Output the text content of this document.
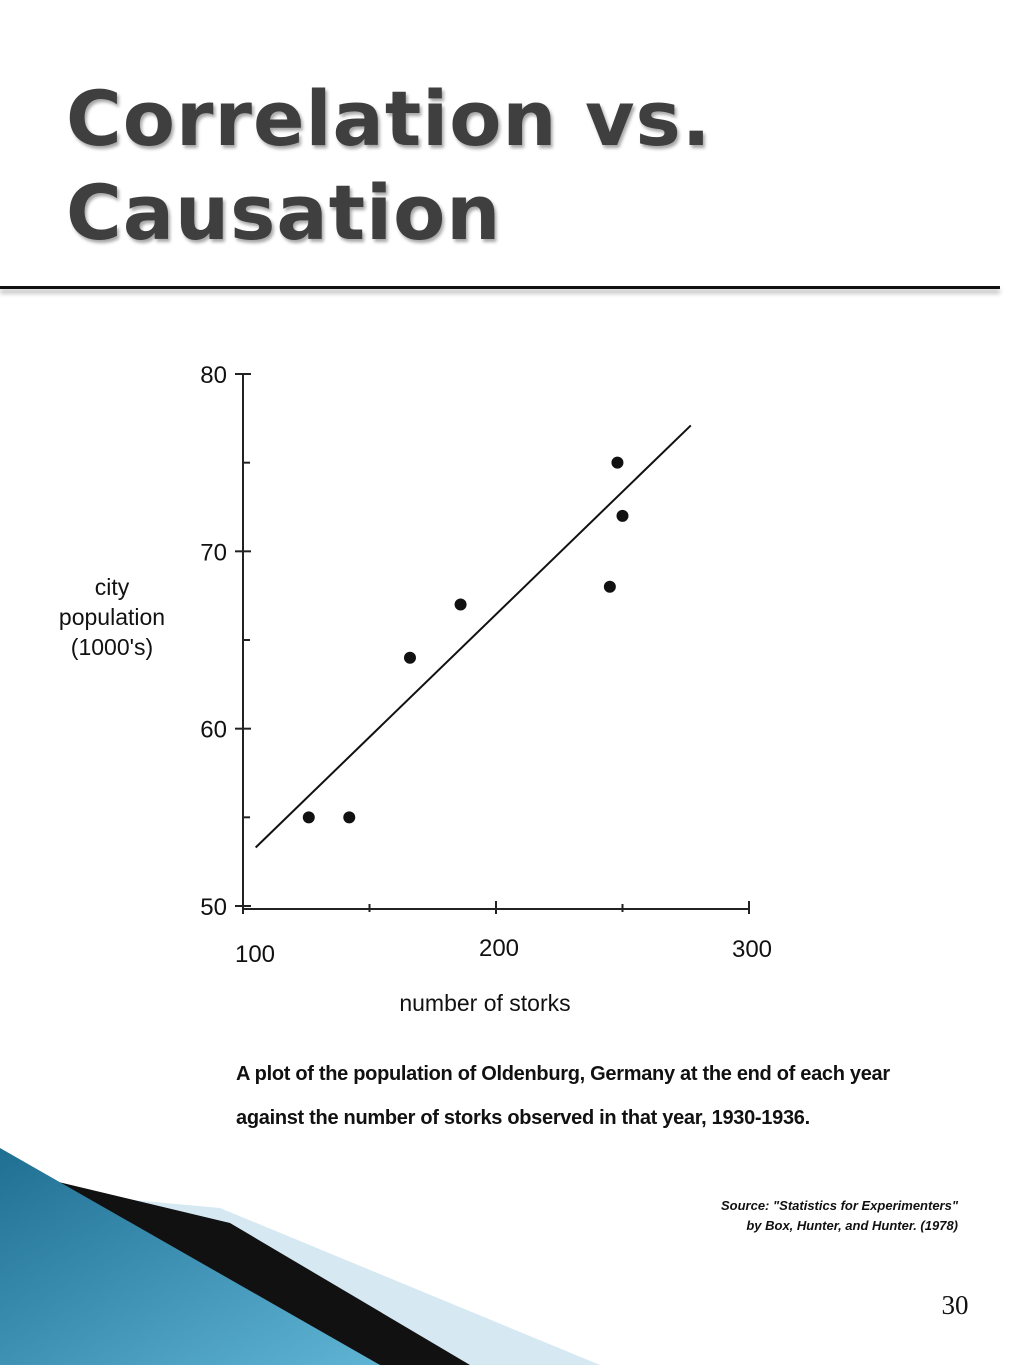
Correlation vs. Causation
50
60
70
80
100	200	300
city
population
(1000's)
number of storks
A plot of the population of Oldenburg, Germany at the end of each year
against the number of storks observed in that year, 1930-1936.
Source: "Statistics for Experimenters"
by Box, Hunter, and Hunter. (1978)
30
